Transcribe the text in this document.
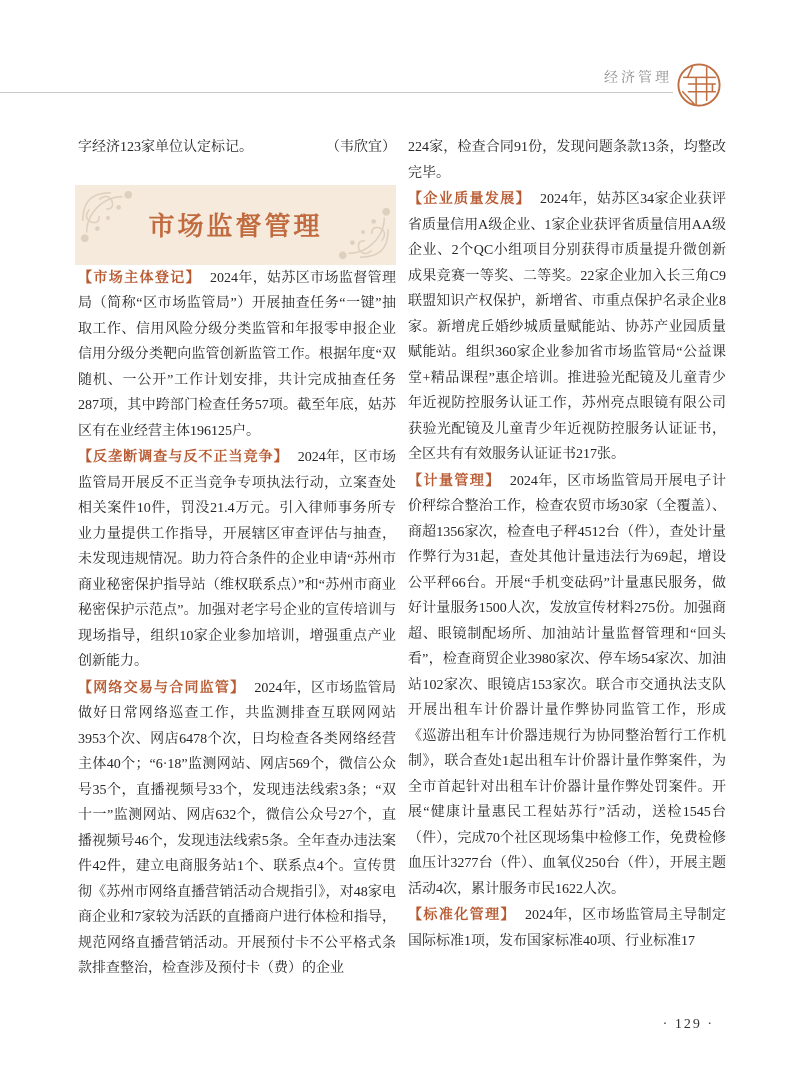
经济管理
字经济123家单位认定标记。	（韦欣宜）
市场监督管理

【市场主体登记】 2024年，姑苏区市场监督管理局（简称“区市场监管局”）开展抽查任务“一键”抽取工作、信用风险分级分类监管和年报零申报企业信用分级分类靶向监管创新监管工作。根据年度“双随机、一公开”工作计划安排，共计完成抽查任务287项，其中跨部门检查任务57项。截至年底，姑苏区有在业经营主体196125户。

【反垄断调查与反不正当竞争】 2024年，区市场监管局开展反不正当竞争专项执法行动，立案查处相关案件10件，罚没21.4万元。引入律师事务所专业力量提供工作指导，开展辖区审查评估与抽查，未发现违规情况。助力符合条件的企业申请“苏州市商业秘密保护指导站（维权联系点）”和“苏州市商业秘密保护示范点”。加强对老字号企业的宣传培训与现场指导，组织10家企业参加培训，增强重点产业创新能力。

【网络交易与合同监管】 2024年，区市场监管局做好日常网络巡查工作，共监测排查互联网网站3953个次、网店6478个次，日均检查各类网络经营主体40个；“6·18”监测网站、网店569个，微信公众号35个，直播视频号33个，发现违法线索3条；“双十一”监测网站、网店632个，微信公众号27个，直播视频号46个，发现违法线索5条。全年查办违法案件42件，建立电商服务站1个、联系点4个。宣传贯彻《苏州市网络直播营销活动合规指引》，对48家电商企业和7家较为活跃的直播商户进行体检和指导，规范网络直播营销活动。开展预付卡不公平格式条款排查整治，检查涉及预付卡（费）的企业

224家，检查合同91份，发现问题条款13条，均整改完毕。

【企业质量发展】 2024年，姑苏区34家企业获评省质量信用A级企业、1家企业获评省质量信用AA级企业、2个QC小组项目分别获得市质量提升微创新成果竞赛一等奖、二等奖。22家企业加入长三角C9联盟知识产权保护，新增省、市重点保护名录企业8家。新增虎丘婚纱城质量赋能站、协苏产业园质量赋能站。组织360家企业参加省市场监管局“公益课堂+精品课程”惠企培训。推进验光配镜及儿童青少年近视防控服务认证工作，苏州亮点眼镜有限公司获验光配镜及儿童青少年近视防控服务认证证书，全区共有有效服务认证证书217张。

【计量管理】 2024年，区市场监管局开展电子计价秤综合整治工作，检查农贸市场30家（全覆盖）、商超1356家次，检查电子秤4512台（件），查处计量作弊行为31起，查处其他计量违法行为69起，增设公平秤66台。开展“手机变砝码”计量惠民服务，做好计量服务1500人次，发放宣传材料275份。加强商超、眼镜制配场所、加油站计量监督管理和“回头看”，检查商贸企业3980家次、停车场54家次、加油站102家次、眼镜店153家次。联合市交通执法支队开展出租车计价器计量作弊协同监管工作，形成《巡游出租车计价器违规行为协同整治暂行工作机制》，联合查处1起出租车计价器计量作弊案件，为全市首起针对出租车计价器计量作弊处罚案件。开展“健康计量惠民工程姑苏行”活动，送检1545台（件），完成70个社区现场集中检修工作，免费检修血压计3277台（件）、血氧仪250台（件），开展主题活动4次，累计服务市民1622人次。

【标准化管理】 2024年，区市场监管局主导制定国际标准1项，发布国家标准40项、行业标准17

· 129 ·
